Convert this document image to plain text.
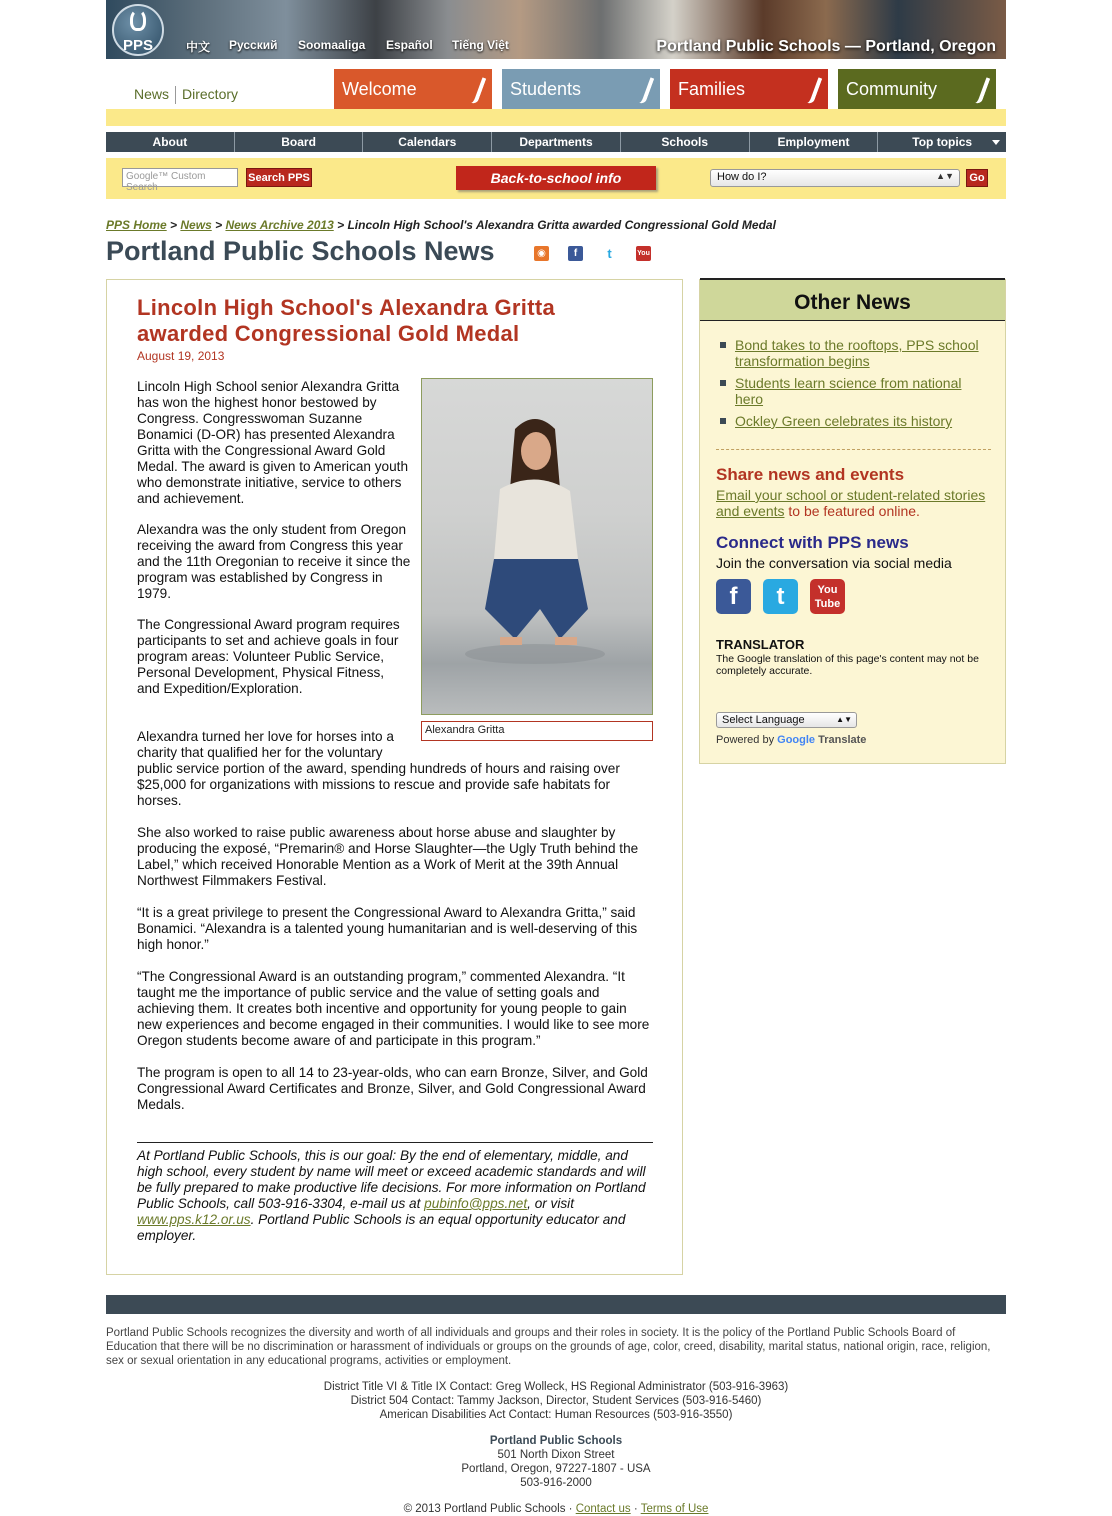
PPS	中文 Русский Soomaaliga Español Tiếng Việt	Portland Public Schools — Portland, Oregon
News Directory	Welcome	Students	Families	Community
About	Board	Calendars	Departments	Schools	Employment	Top topics
Google™ Custom Search
Search PPS	Back-to-school info	How do I?	▲▼	Go
PPS Home > News > News Archive 2013 > Lincoln High School's Alexandra Gritta awarded Congressional Gold Medal
Portland Public Schools News	◉	f	t	You
Lincoln High School's Alexandra Gritta awarded Congressional Gold Medal
August 19, 2013
Lincoln High School senior Alexandra Gritta has won the highest honor bestowed by Congress. Congresswoman Suzanne Bonamici (D-OR) has presented Alexandra Gritta with the Congressional Award Gold Medal. The award is given to American youth who demonstrate initiative, service to others and achievement.
Alexandra was the only student from Oregon receiving the award from Congress this year and the 11th Oregonian to receive it since the program was established by Congress in 1979.
The Congressional Award program requires participants to set and achieve goals in four program areas: Volunteer Public Service, Personal Development, Physical Fitness, and Expedition/Exploration.
Alexandra turned her love for horses into a charity that qualified her for the voluntary
public service portion of the award, spending hundreds of hours and raising over $25,000 for organizations with missions to rescue and provide safe habitats for horses.
She also worked to raise public awareness about horse abuse and slaughter by producing the exposé, “Premarin® and Horse Slaughter—the Ugly Truth behind the Label,” which received Honorable Mention as a Work of Merit at the 39th Annual Northwest Filmmakers Festival.
“It is a great privilege to present the Congressional Award to Alexandra Gritta,” said Bonamici. “Alexandra is a talented young humanitarian and is well-deserving of this high honor.”
“The Congressional Award is an outstanding program,” commented Alexandra. “It taught me the importance of public service and the value of setting goals and achieving them. It creates both incentive and opportunity for young people to gain new experiences and become engaged in their communities. I would like to see more Oregon students become aware of and participate in this program.”
The program is open to all 14 to 23-year-olds, who can earn Bronze, Silver, and Gold Congressional Award Certificates and Bronze, Silver, and Gold Congressional Award Medals.
Alexandra Gritta
At Portland Public Schools, this is our goal: By the end of elementary, middle, and high school, every student by name will meet or exceed academic standards and will be fully prepared to make productive life decisions. For more information on Portland Public Schools, call 503-916-3304, e-mail us at pubinfo@pps.net, or visit www.pps.k12.or.us. Portland Public Schools is an equal opportunity educator and employer.
Other News
Bond takes to the rooftops, PPS school transformation begins
Students learn science from national hero
Ockley Green celebrates its history
Share news and events
Email your school or student-related stories and events to be featured online.
Connect with PPS news
Join the conversation via social media
f	t	You
Tube
TRANSLATOR
The Google translation of this page's content may not be completely accurate.
Select Language	▲▼
Powered by Google Translate
Portland Public Schools recognizes the diversity and worth of all individuals and groups and their roles in society. It is the policy of the Portland Public Schools Board of Education that there will be no discrimination or harassment of individuals or groups on the grounds of age, color, creed, disability, marital status, national origin, race, religion, sex or sexual orientation in any educational programs, activities or employment.
District Title VI & Title IX Contact: Greg Wolleck, HS Regional Administrator (503-916-3963)
District 504 Contact: Tammy Jackson, Director, Student Services (503-916-5460)
American Disabilities Act Contact: Human Resources (503-916-3550)
Portland Public Schools
501 North Dixon Street
Portland, Oregon, 97227-1807 - USA
503-916-2000
© 2013 Portland Public Schools · Contact us · Terms of Use
